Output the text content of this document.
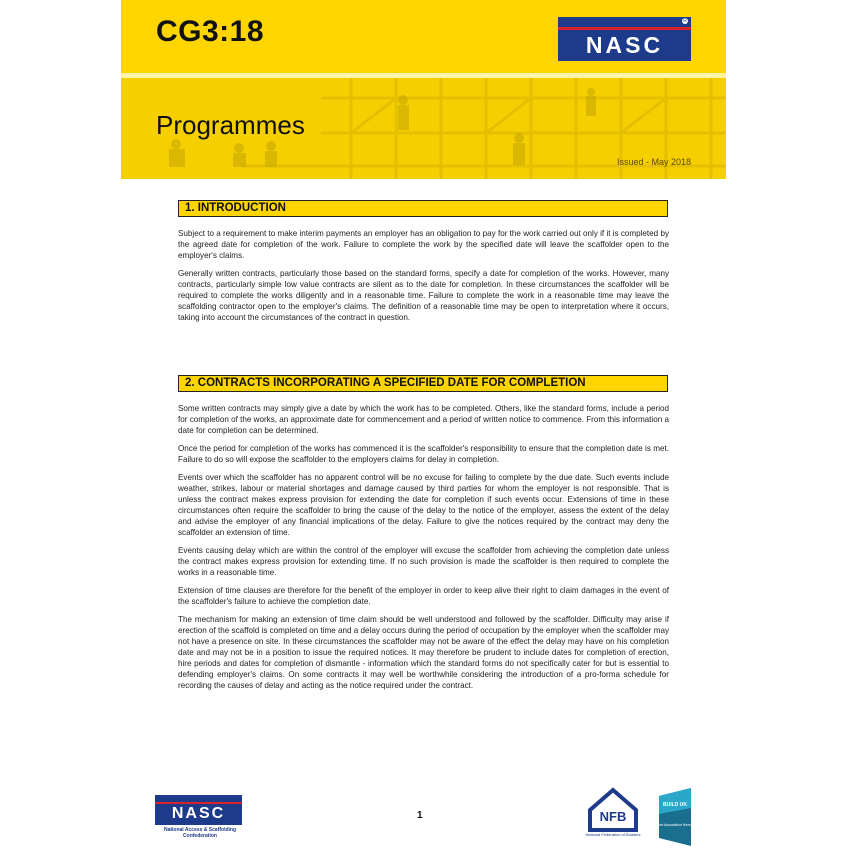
CG3:18	NASC
R
Programmes
Issued - May 2018
1. INTRODUCTION

Subject to a requirement to make interim payments an employer has an obligation to pay for the work carried out only if it is completed by the agreed date for completion of the work. Failure to complete the work by the specified date will leave the scaffolder open to the employer's claims.

Generally written contracts, particularly those based on the standard forms, specify a date for completion of the works. However, many contracts, particularly simple low value contracts are silent as to the date for completion. In these circumstances the scaffolder will be required to complete the works diligently and in a reasonable time. Failure to complete the work in a reasonable time may leave the scaffolding contractor open to the employer's claims. The definition of a reasonable time may be open to interpretation where it occurs, taking into account the circumstances of the contract in question.

2. CONTRACTS INCORPORATING A SPECIFIED DATE FOR COMPLETION

Some written contracts may simply give a date by which the work has to be completed. Others, like the standard forms, include a period for completion of the works, an approximate date for commencement and a period of written notice to commence. From this information a date for completion can be determined.

Once the period for completion of the works has commenced it is the scaffolder's responsibility to ensure that the completion date is met. Failure to do so will expose the scaffolder to the employers claims for delay in completion.

Events over which the scaffolder has no apparent control will be no excuse for failing to complete by the due date. Such events include weather, strikes, labour or material shortages and damage caused by third parties for whom the employer is not responsible. That is unless the contract makes express provision for extending the date for completion if such events occur. Extensions of time in these circumstances often require the scaffolder to bring the cause of the delay to the notice of the employer, assess the extent of the delay and advise the employer of any financial implications of the delay. Failure to give the notices required by the contract may deny the scaffolder an extension of time.

Events causing delay which are within the control of the employer will excuse the scaffolder from achieving the completion date unless the contract makes express provision for extending time. If no such provision is made the scaffolder is then required to complete the works in a reasonable time.

Extension of time clauses are therefore for the benefit of the employer in order to keep alive their right to claim damages in the event of the scaffolder's failure to achieve the completion date.

The mechanism for making an extension of time claim should be well understood and followed by the scaffolder. Difficulty may arise if erection of the scaffold is completed on time and a delay occurs during the period of occupation by the employer when the scaffolder may not have a presence on site. In these circumstances the scaffolder may not be aware of the effect the delay may have on his completion date and may not be in a position to issue the required notices. It may therefore be prudent to include dates for completion of erection, hire periods and dates for completion of dismantle - information which the standard forms do not specifically cater for but is essential to defending employer's claims. On some contracts it may well be worthwhile considering the introduction of a pro-forma schedule for recording the causes of delay and acting as the notice required under the contract.

NASC
National Access & Scaffolding Confederation
1	NFB
National Federation of Builders
BUILD UK
Trade Association Member
